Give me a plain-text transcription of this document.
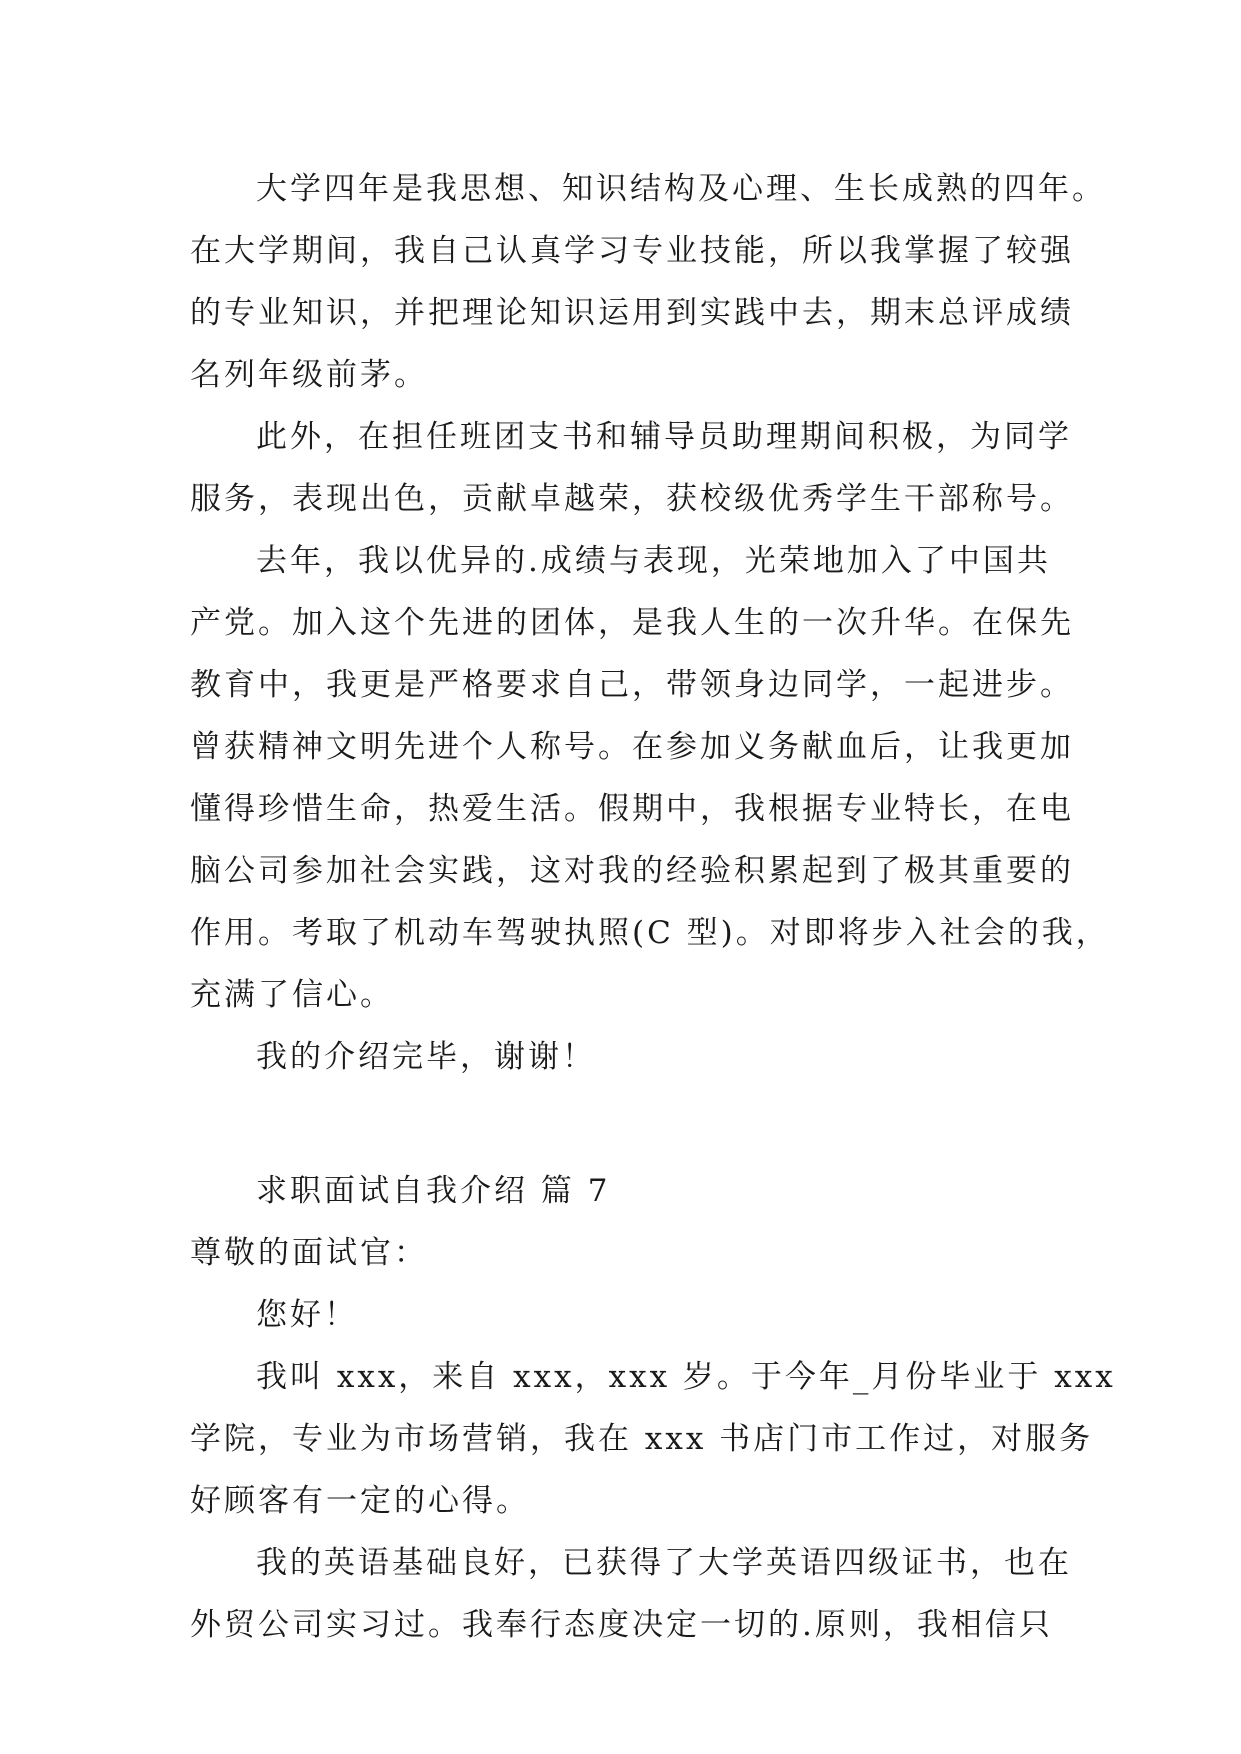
大学四年是我思想、知识结构及心理、生长成熟的四年。
在大学期间，我自己认真学习专业技能，所以我掌握了较强
的专业知识，并把理论知识运用到实践中去，期末总评成绩
名列年级前茅。
此外，在担任班团支书和辅导员助理期间积极，为同学
服务，表现出色，贡献卓越荣，获校级优秀学生干部称号。
去年，我以优异的.成绩与表现，光荣地加入了中国共
产党。加入这个先进的团体，是我人生的一次升华。在保先
教育中，我更是严格要求自己，带领身边同学，一起进步。
曾获精神文明先进个人称号。在参加义务献血后，让我更加
懂得珍惜生命，热爱生活。假期中，我根据专业特长，在电
脑公司参加社会实践，这对我的经验积累起到了极其重要的
作用。考取了机动车驾驶执照(C 型)。对即将步入社会的我，
充满了信心。
我的介绍完毕，谢谢！
求职面试自我介绍 篇 7
尊敬的面试官：
您好！
我叫 xxx，来自 xxx，xxx 岁。于今年_月份毕业于 xxx
学院，专业为市场营销，我在 xxx 书店门市工作过，对服务
好顾客有一定的心得。
我的英语基础良好，已获得了大学英语四级证书，也在
外贸公司实习过。我奉行态度决定一切的.原则，我相信只
